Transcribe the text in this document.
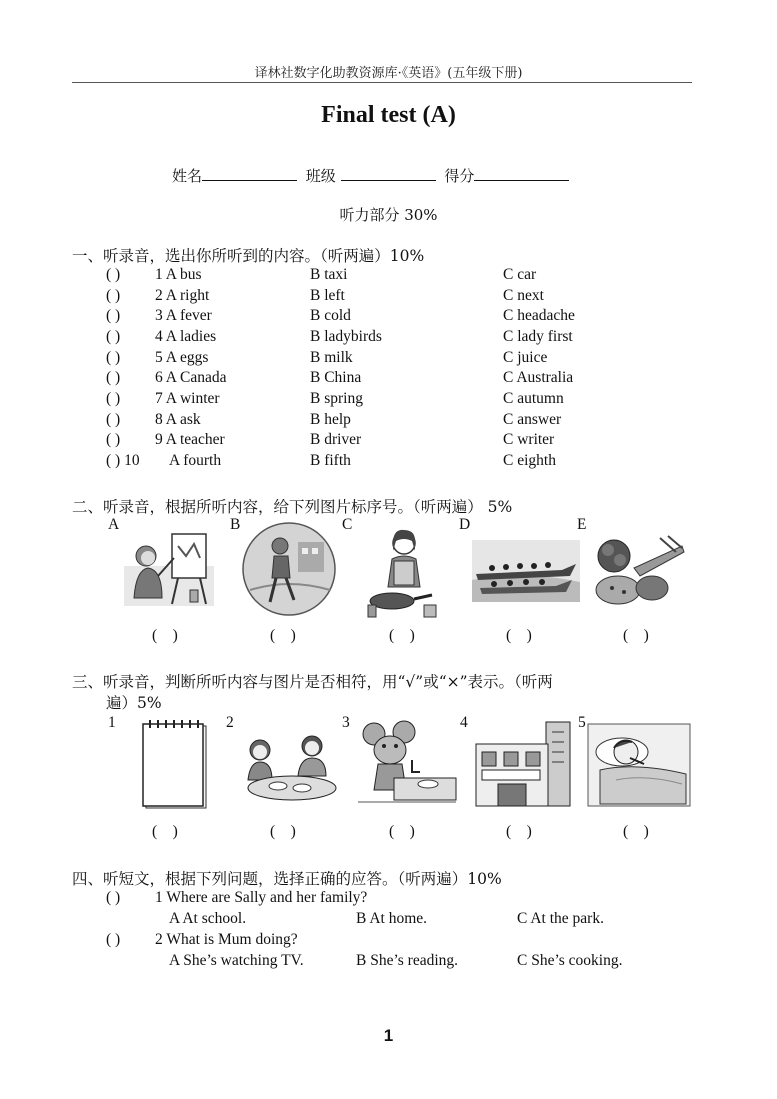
译林社数字化助教资源库·《英语》(五年级下册)
Final test (A)
姓名	班级	得分
听力部分 30%
一、听录音，选出你所听到的内容。（听两遍）10%
( ) 1 A bus	B taxi	C car
( ) 2 A right	B left	C next
( ) 3 A fever	B cold	C headache
( ) 4 A ladies	B ladybirds	C lady first
( ) 5 A eggs	B milk	C juice
( ) 6 A Canada	B China	C Australia
( ) 7 A winter	B spring	C autumn
( ) 8 A ask	B help	C answer
( ) 9 A teacher	B driver	C writer
( ) 10 A fourth	B fifth	C eighth
二、听录音，根据所听内容，给下列图片标序号。（听两遍） 5%
A	B	C	D	E
(    )	(    )	(    )	(    )	(    )
三、听录音，判断所听内容与图片是否相符，用“√”或“×”表示。（听两
遍）5%
1	2	3	4	5
(    )	(    )	(    )	(    )	(    )
四、听短文，根据下列问题，选择正确的应答。（听两遍）10%
( ) 1 Where are Sally and her family?
A At school.	B At home.	C At the park.
( ) 2 What is Mum doing?
A She’s watching TV.	B She’s reading.	C She’s cooking.
1
